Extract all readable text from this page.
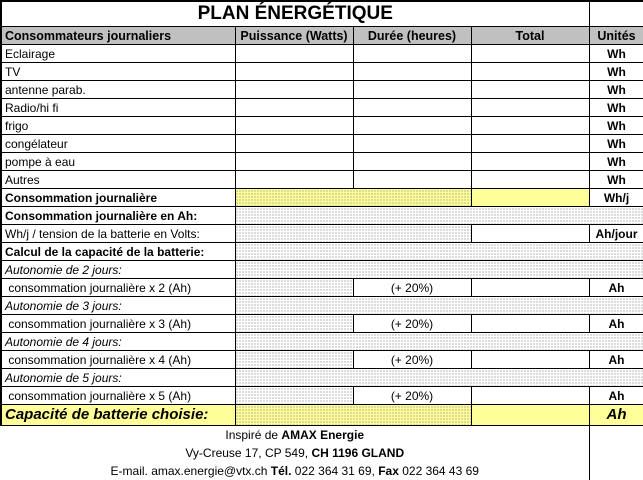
PLAN ÉNERGÉTIQUE				
Consommateurs journaliers	Puissance (Watts)	Durée (heures)	Total	Unités
Eclairage				Wh
TV				Wh
antenne parab.				Wh
Radio/hi fi				Wh
frigo				Wh
congélateur				Wh
pompe à eau				Wh
Autres				Wh
Consommation journalière				Wh/j
Consommation journalière en Ah:				
Wh/j / tension de la batterie en Volts:				Ah/jour
Calcul de la capacité de la batterie:				
Autonomie de 2 jours:				
consommation journalière x 2 (Ah)		(+ 20%)		Ah
Autonomie de 3 jours:				
consommation journalière x 3 (Ah)		(+ 20%)		Ah
Autonomie de 4 jours:				
consommation journalière x 4 (Ah)		(+ 20%)		Ah
Autonomie de 5 jours:				
consommation journalière x 5 (Ah)		(+ 20%)		Ah
Capacité de batterie choisie:				Ah
Inspiré de AMAX Energie				
Vy-Creuse 17, CP 549, CH 1196 GLAND				
E-mail. amax.energie@vtx.ch Tél. 022 364 31 69, Fax 022 364 43 69				
